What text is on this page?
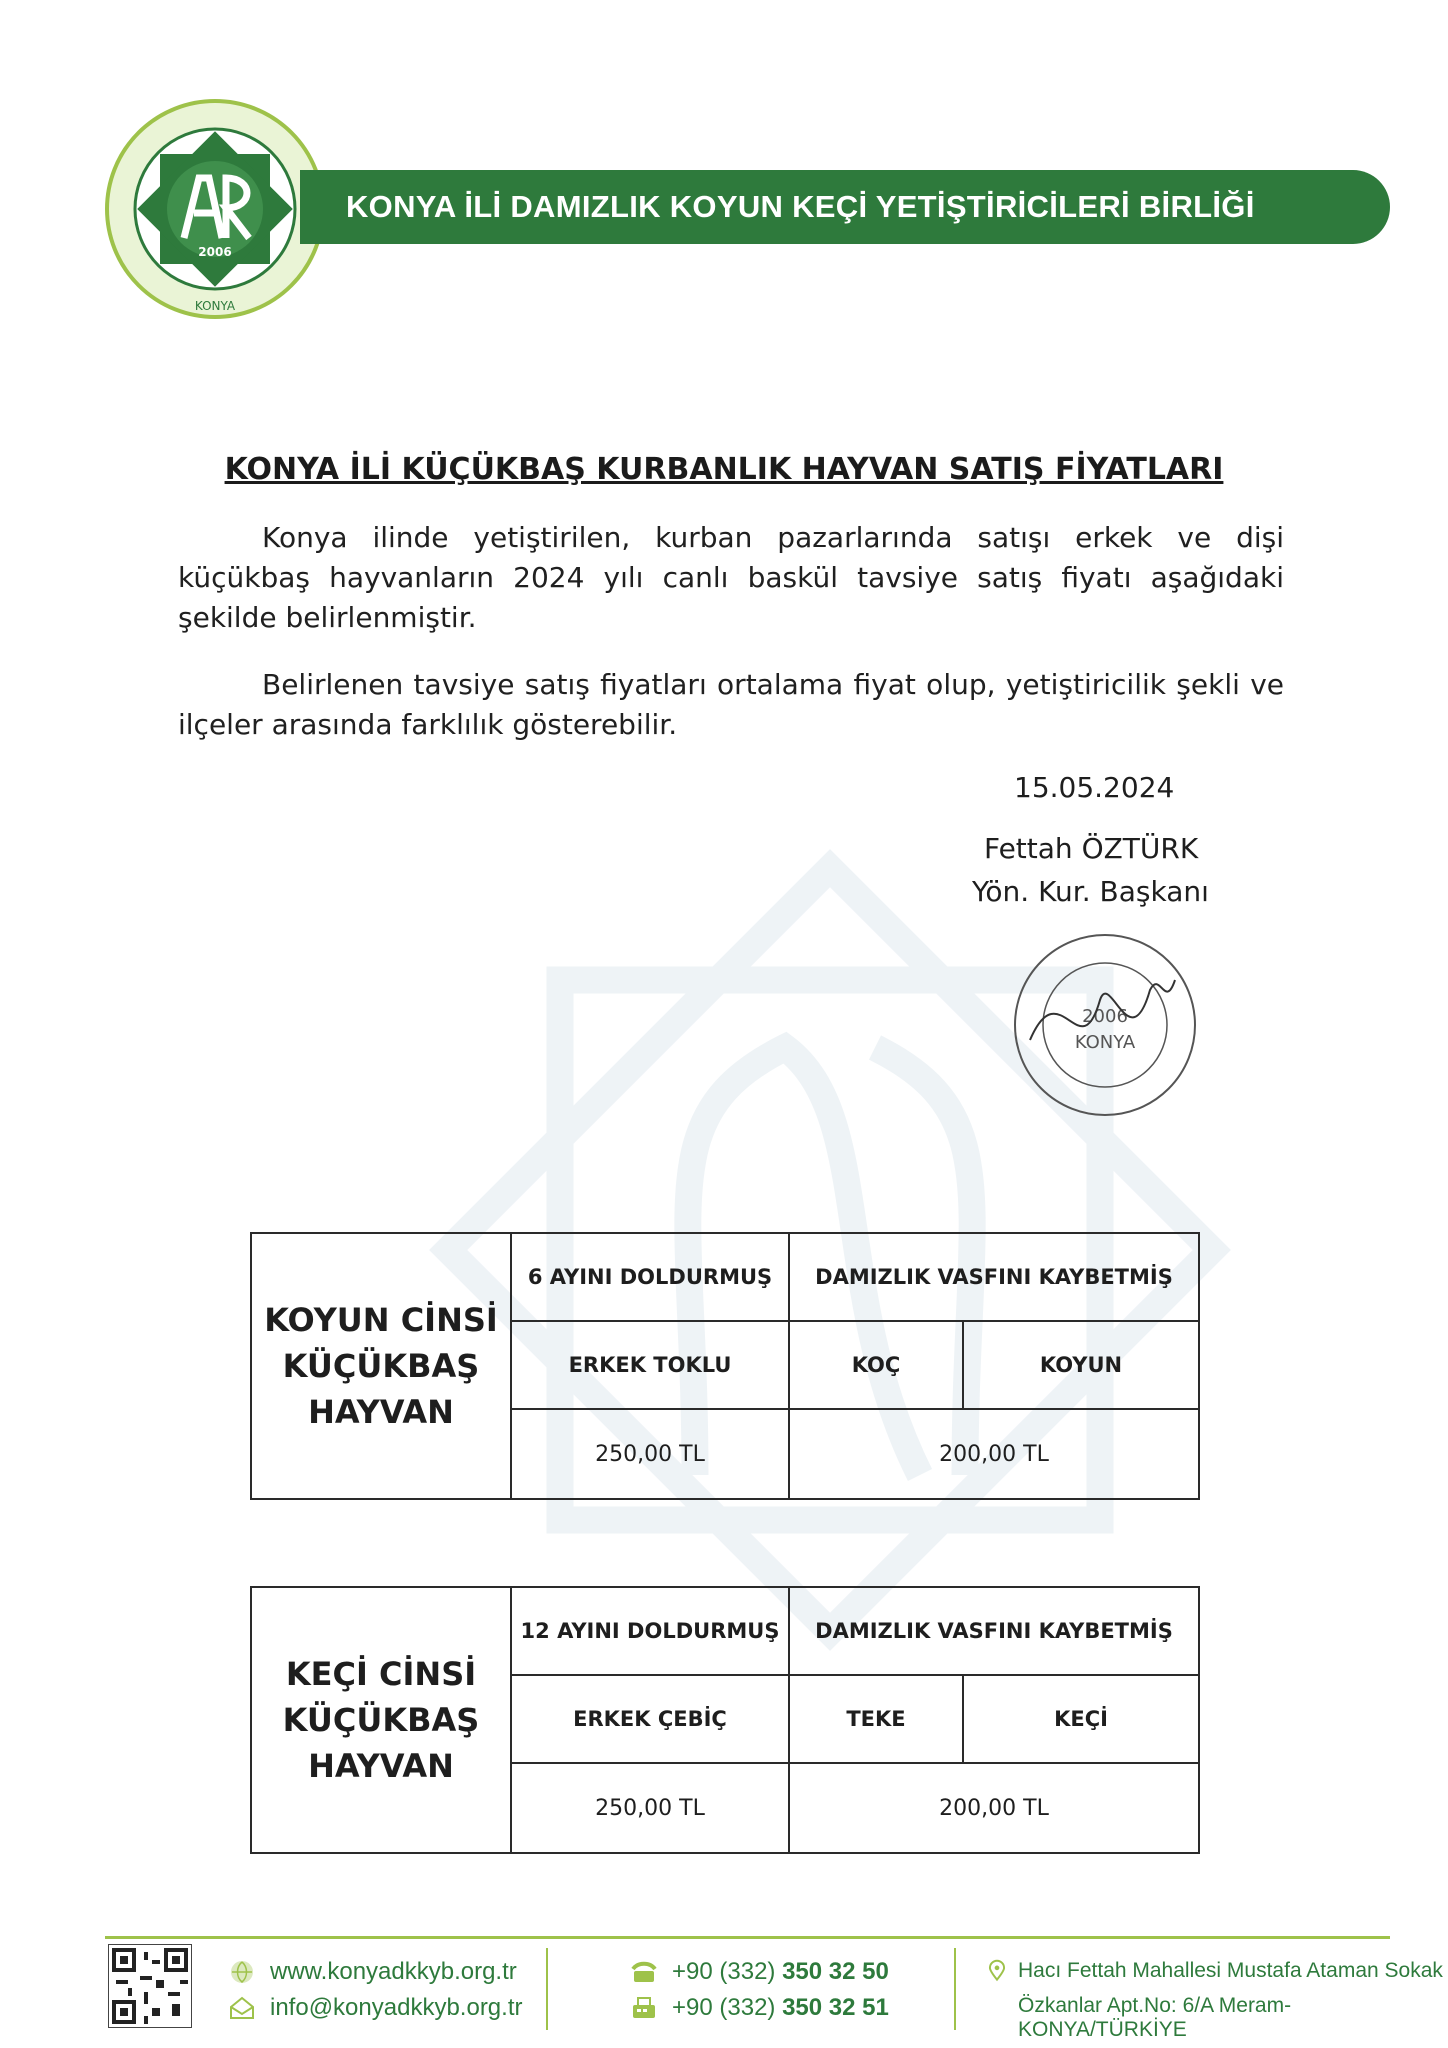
2006
KONYA
KONYA İLİ DAMIZLIK KOYUN KEÇİ YETİŞTİRİCİLERİ BİRLİĞİ
KONYA İLİ KÜÇÜKBAŞ KURBANLIK HAYVAN SATIŞ FİYATLARI
Konya ilinde yetiştirilen, kurban pazarlarında satışı erkek ve dişi küçükbaş hayvanların 2024 yılı canlı baskül tavsiye satış fiyatı aşağıdaki şekilde belirlenmiştir.
Belirlenen tavsiye satış fiyatları ortalama fiyat olup, yetiştiricilik şekli ve ilçeler arasında farklılık gösterebilir.
15.05.2024
Fettah ÖZTÜRK
Yön. Kur. Başkanı
2006
KONYA
KOYUN CİNSİ
KÜÇÜKBAŞ
HAYVAN	6 AYINI DOLDURMUŞ	DAMIZLIK VASFINI KAYBETMİŞ	
	ERKEK TOKLU	KOÇ	KOYUN
	250,00 TL	200,00 TL	
KEÇİ CİNSİ
KÜÇÜKBAŞ
HAYVAN	12 AYINI DOLDURMUŞ	DAMIZLIK VASFINI KAYBETMİŞ	
	ERKEK ÇEBİÇ	TEKE	KEÇİ
	250,00 TL	200,00 TL	
www.konyadkkyb.org.tr
info@konyadkkyb.org.tr
+90 (332)
350 32 50
+90 (332)
350 32 51
Hacı Fettah Mahallesi Mustafa Ataman Sokak
Özkanlar Apt.No: 6/A Meram-KONYA/TÜRKİYE
